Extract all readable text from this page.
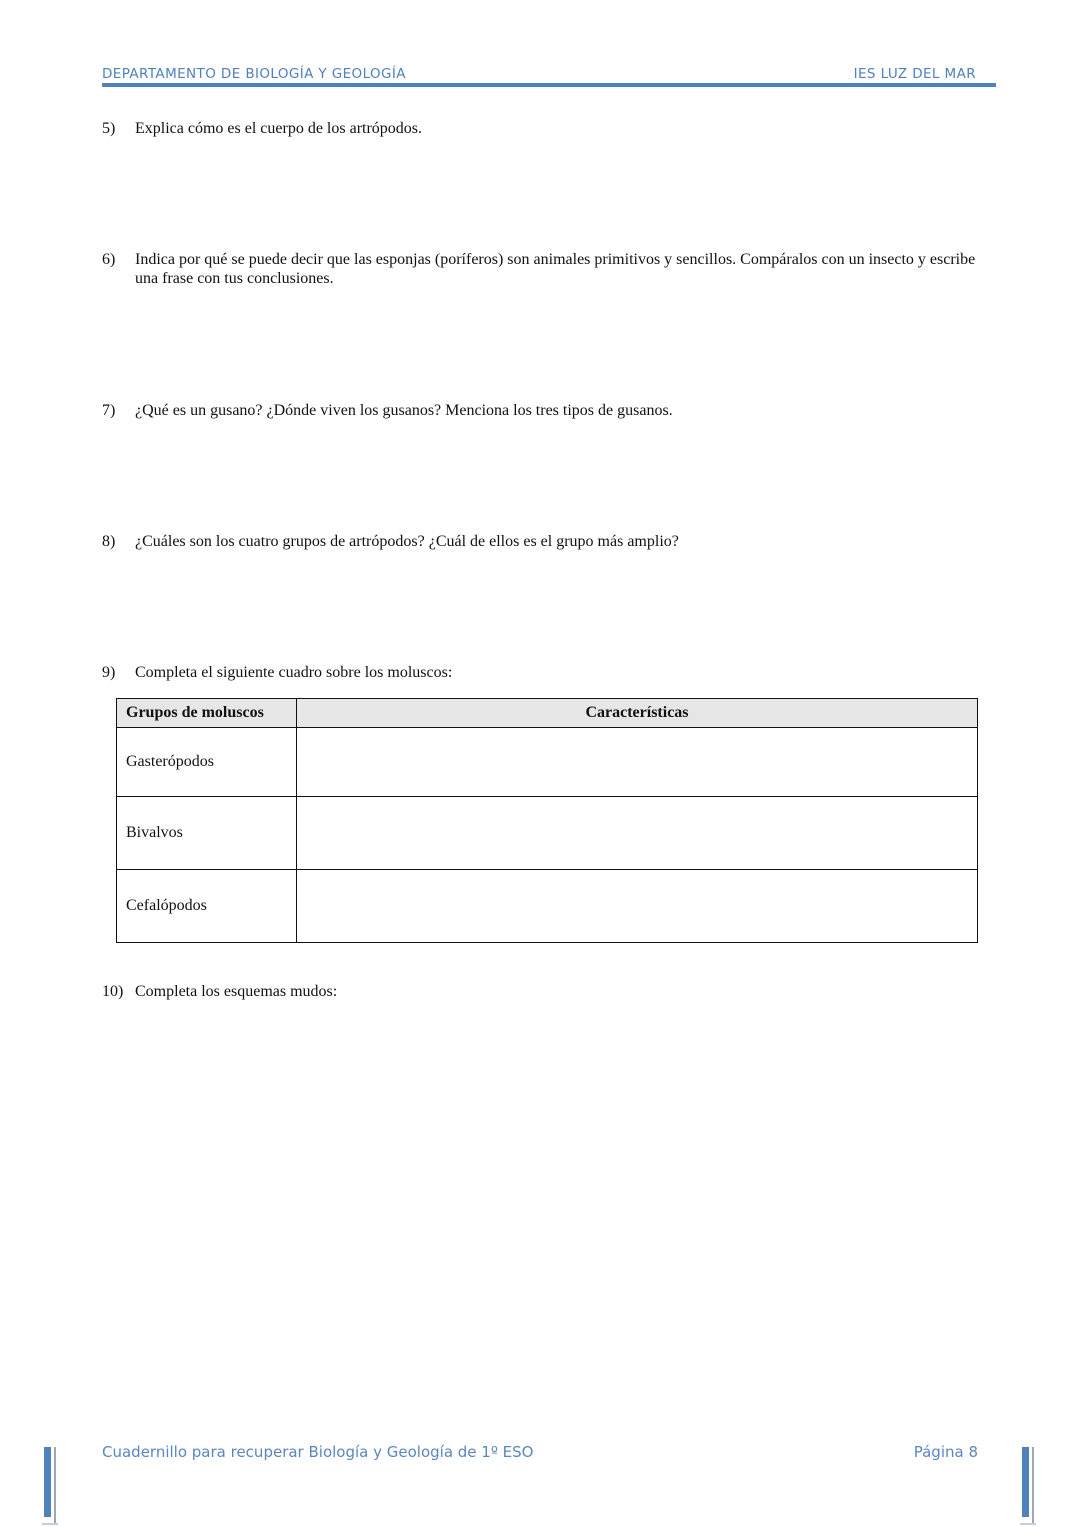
DEPARTAMENTO DE BIOLOGÍA Y GEOLOGÍA	IES LUZ DEL MAR
5) Explica cómo es el cuerpo de los artrópodos.
6) Indica por qué se puede decir que las esponjas (poríferos) son animales primitivos y sencillos. Compáralos con un insecto y escribe una frase con tus conclusiones.
7) ¿Qué es un gusano? ¿Dónde viven los gusanos? Menciona los tres tipos de gusanos.
8) ¿Cuáles son los cuatro grupos de artrópodos? ¿Cuál de ellos es el grupo más amplio?
9) Completa el siguiente cuadro sobre los moluscos:
Grupos de moluscos	Características
Gasterópodos	
Bivalvos	
Cefalópodos	
10) Completa los esquemas mudos:
Cuadernillo para recuperar Biología y Geología de 1º ESO	Página 8
